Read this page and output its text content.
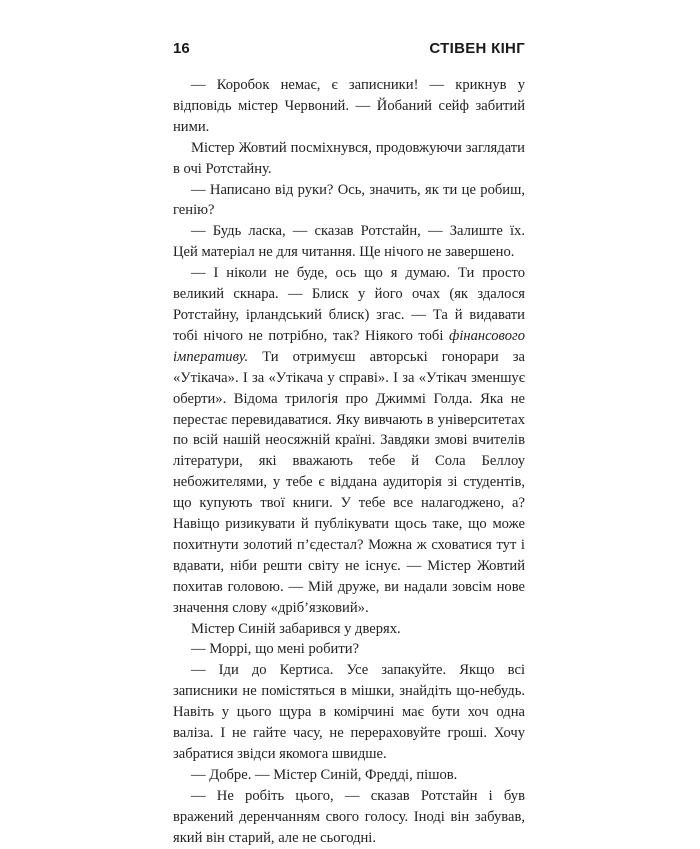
16	СТІВЕН КІНГ

— Коробок немає, є записники! — крикнув у відповідь містер Червоний. — Йобаний сейф забитий ними.

Містер Жовтий посміхнувся, продовжуючи заглядати в очі Ротстайну.

— Написано від руки? Ось, значить, як ти це робиш, генію?

— Будь ласка, — сказав Ротстайн, — Залиште їх. Цей матеріал не для читання. Ще нічого не завершено.

— І ніколи не буде, ось що я думаю. Ти просто великий скнара. — Блиск у його очах (як здалося Ротстайну, ірландський блиск) згас. — Та й видавати тобі нічого не потрібно, так? Ніякого тобі фінансового імперативу. Ти отримуєш авторські гонорари за «Утікача». І за «Утікача у справі». І за «Утікач зменшує оберти». Відома трилогія про Джиммі Голда. Яка не перестає перевидаватися. Яку вивчають в університетах по всій нашій неосяжній країні. Завдяки змові вчителів літератури, які вважають тебе й Сола Беллоу небожителями, у тебе є віддана аудиторія зі студентів, що купують твої книги. У тебе все налагоджено, а? Навіщо ризикувати й публікувати щось таке, що може похитнути золотий п’єдестал? Можна ж сховатися тут і вдавати, ніби решти світу не існує. — Містер Жовтий похитав головою. — Мій друже, ви надали зовсім нове значення слову «дріб’язковий».

Містер Синій забарився у дверях.

— Моррі, що мені робити?

— Іди до Кертиса. Усе запакуйте. Якщо всі записники не помістяться в мішки, знайдіть що-небудь. Навіть у цього щура в комірчині має бути хоч одна валіза. І не гайте часу, не перераховуйте гроші. Хочу забратися звідси якомога швидше.

— Добре. — Містер Синій, Фредді, пішов.

— Не робіть цього, — сказав Ротстайн і був вражений деренчанням свого голосу. Іноді він забував, який він старий, але не сьогодні.
